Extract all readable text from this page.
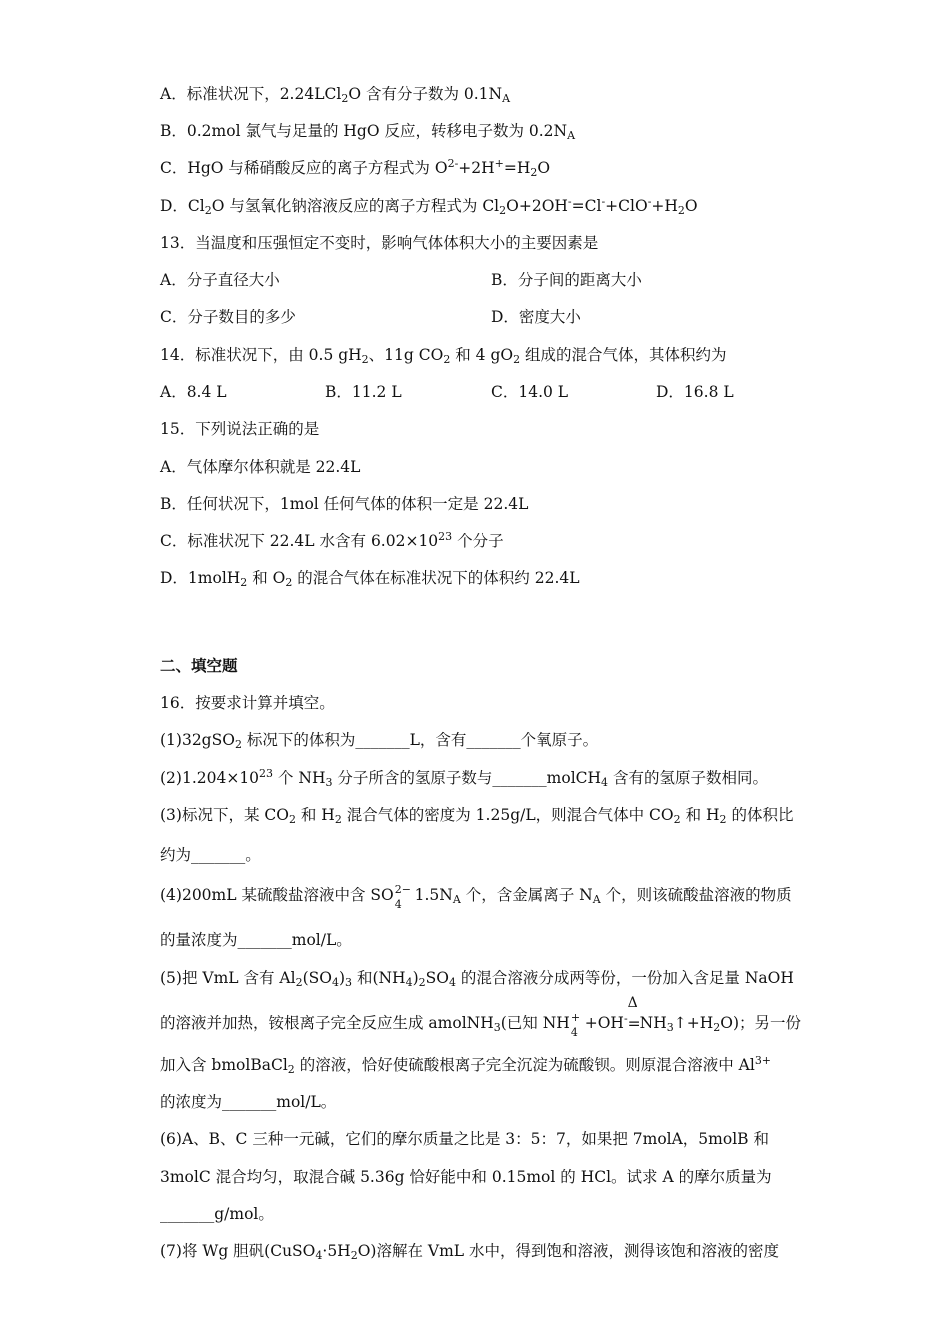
A．标准状况下，2.24LCl$_2$O 含有分子数为 $0.1N_A$
B．0.2mol 氯气与足量的 HgO 反应，转移电子数为 $0.2N_A$
C．HgO 与稀硝酸反应的离子方程式为 $O^{2-}+2H^+=H_2O$
D．$Cl_2O$ 与氢氧化钠溶液反应的离子方程式为 $Cl_2O+2OH^-=Cl^-+ClO^-+H_2O$
13．当温度和压强恒定不变时，影响气体体积大小的主要因素是
A．分子直径大小	B．分子间的距离大小
C．分子数目的多少	D．密度大小
14．标准状况下，由 0.5 $gH_2$、11g $CO_2$ 和 4 $gO_2$ 组成的混合气体，其体积约为
A．8.4 L	B．11.2 L	C．14.0 L	D．16.8 L
15．下列说法正确的是
A．气体摩尔体积就是 22.4L
B．任何状况下，1mol 任何气体的体积一定是 22.4L
C．标准状况下 22.4L 水含有 $6.02\times 10^{23}$ 个分子
D．1molH$_2$ 和 $O_2$ 的混合气体在标准状况下的体积约 22.4L
二、填空题
16．按要求计算并填空。
(1)32gSO$_2$ 标况下的体积为_______L，含有_______个氧原子。
$(2)1.204\times 10^{23}$ 个 $NH_3$ 分子所含的氢原子数与_______molCH$_4$ 含有的氢原子数相同。
(3)标况下，某 $CO_2$ 和 $H_2$ 混合气体的密度为 1.25g/L，则混合气体中 $CO_2$ 和 $H_2$ 的体积比
约为_______。
(4)200mL 某硫酸盐溶液中含 SO 2−
4
$1.5N_A$ 个，含金属离子 $N_A$ 个，则该硫酸盐溶液的物质
的量浓度为_______mol/L。
(5)把 VmL 含有 $Al_2(SO_4)_3$ 和$(NH_4)_2SO_4$ 的混合溶液分成两等份，一份加入含足量 NaOH
的溶液并加热，铵根离子完全反应生成 amolNH$_3$(已知 NH +
4
+OH-
Δ
= $NH_3↑+H_2O$)；另一份
加入含 bmolBaCl$_2$ 的溶液，恰好使硫酸根离子完全沉淀为硫酸钡。则原混合溶液中 $Al^{3+}$
的浓度为_______mol/L。
(6)A、B、C 三种一元碱，它们的摩尔质量之比是 3：5：7，如果把 7molA，5molB 和
3molC 混合均匀，取混合碱 5.36g 恰好能中和 0.15mol 的 HCl。试求 A 的摩尔质量为
_______g/mol。
(7)将 Wg 胆矾$(CuSO_4\cdot 5H_2O)$溶解在 VmL 水中，得到饱和溶液，测得该饱和溶液的密度
